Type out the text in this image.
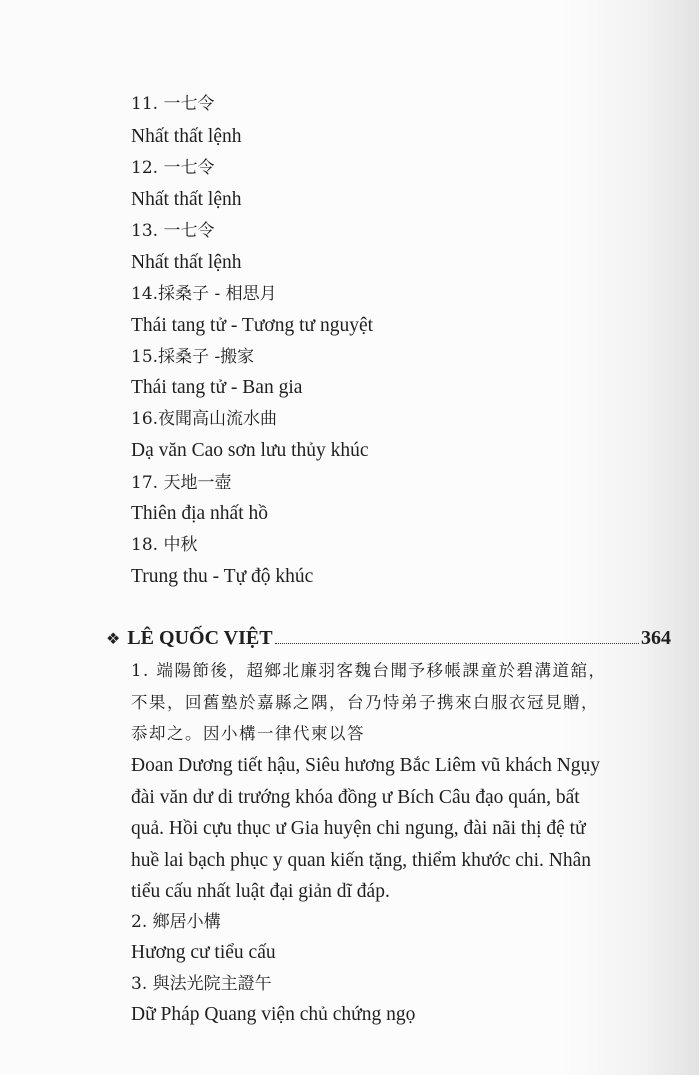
11. 一七令
Nhất thất lệnh
12. 一七令
Nhất thất lệnh
13. 一七令
Nhất thất lệnh
14.採桑子 - 相思月
Thái tang tử - Tương tư nguyệt
15.採桑子 -搬家
Thái tang tử - Ban gia
16.夜聞高山流水曲
Dạ văn Cao sơn lưu thủy khúc
17. 天地一壺
Thiên địa nhất hồ
18. 中秋
Trung thu - Tự độ khúc
❖ LÊ QUỐC VIỆT	364
1. 端陽節後，超鄉北廉羽客魏台聞予移帳課童於碧溝道舘，
不果，回舊塾於嘉縣之隅，台乃恃弟子携來白服衣冠見贈，
忝却之。因小構一律代柬以答
Đoan Dương tiết hậu, Siêu hương Bắc Liêm vũ khách Ngụy
đài văn dư di trướng khóa đồng ư Bích Câu đạo quán, bất
quả. Hồi cựu thục ư Gia huyện chi ngung, đài nãi thị đệ tử
huề lai bạch phục y quan kiến tặng, thiểm khước chi. Nhân
tiểu cấu nhất luật đại giản dĩ đáp.
2. 鄉居小構
Hương cư tiểu cấu
3. 與法光院主證午
Dữ Pháp Quang viện chủ chứng ngọ
